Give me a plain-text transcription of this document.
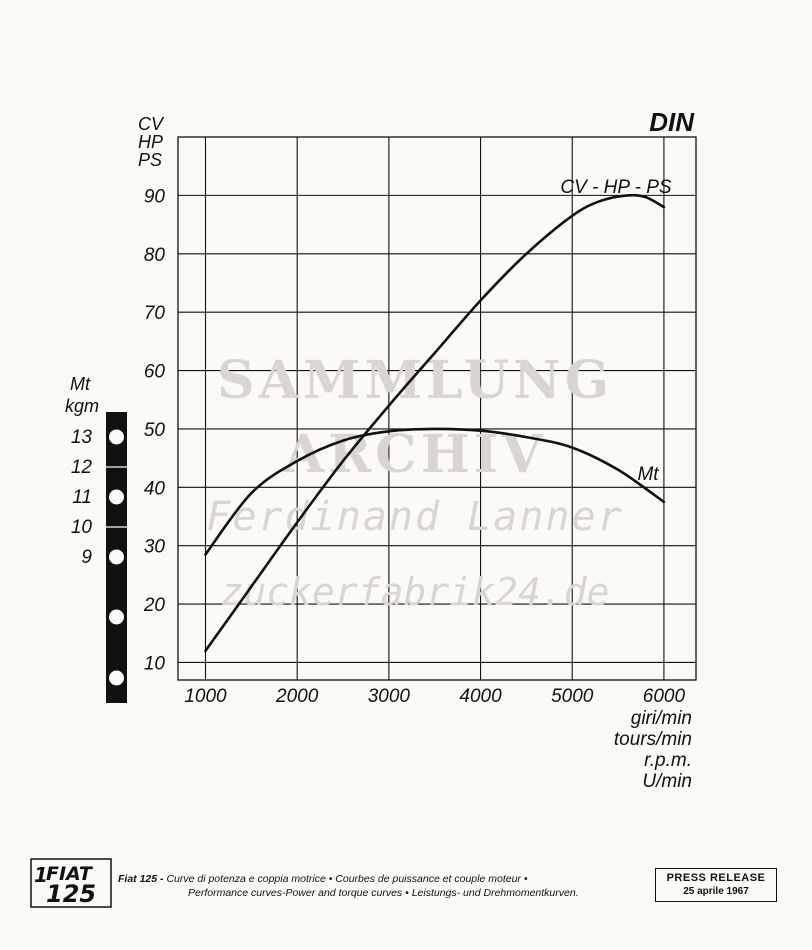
SAMMLUNG
ARCHIV
Ferdinand Lanner
zuckerfabrik24.de
1000	2000	3000	4000	5000	6000
10
20
30
40
50
60
70
80
90
CV
HP
PS
giri/min
tours/min
r.p.m.
U/min
CV - HP - PS
Mt
DIN
Mt
kgm
13
12
11
10
9
1
FIAT
125
Fiat 125 - Curve di potenza e coppia motrice • Courbes de puissance et couple moteur •
Performance curves-Power and torque curves • Leistungs- und Drehmomentkurven.
PRESS RELEASE
25 aprile 1967
